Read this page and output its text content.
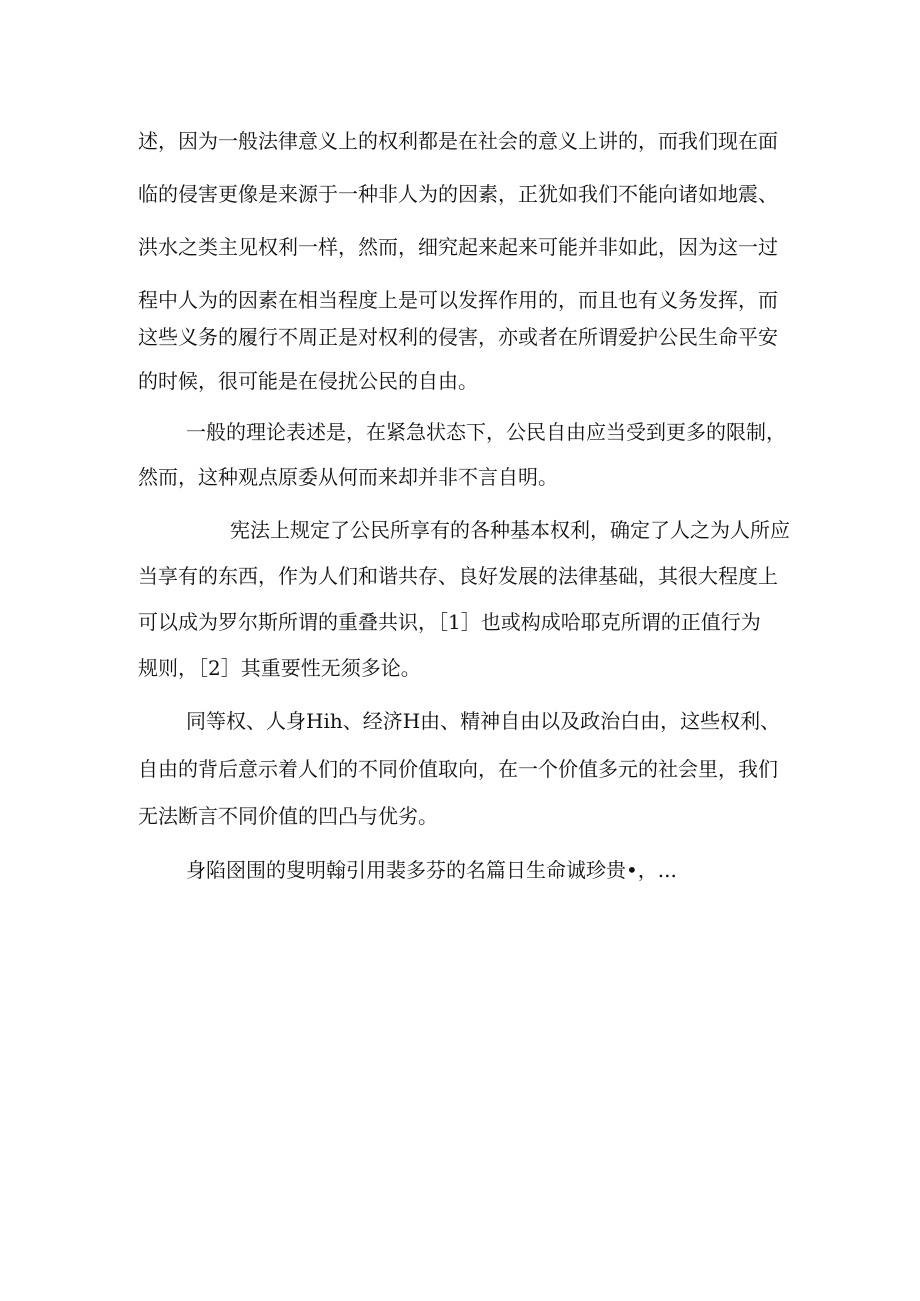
述，因为一般法律意义上的权利都是在社会的意义上讲的，而我们现在面

临的侵害更像是来源于一种非人为的因素，正犹如我们不能向诸如地震、

洪水之类主见权利一样，然而，细究起来起来可能并非如此，因为这一过

程中人为的因素在相当程度上是可以发挥作用的，而且也有义务发挥，而

这些义务的履行不周正是对权利的侵害，亦或者在所谓爱护公民生命平安

的时候，很可能是在侵扰公民的自由。

一般的理论表述是，在紧急状态下，公民自由应当受到更多的限制，

然而，这种观点原委从何而来却并非不言自明。

宪法上规定了公民所享有的各种基本权利，确定了人之为人所应

当享有的东西，作为人们和谐共存、良好发展的法律基础，其很大程度上

可以成为罗尔斯所谓的重叠共识，［1］也或构成哈耶克所谓的正值行为

规则，［2］其重要性无须多论。

同等权、人身Hih、经济H由、精神自由以及政治白由，这些权利、

自由的背后意示着人们的不同价值取向，在一个价值多元的社会里，我们

无法断言不同价值的凹凸与优劣。

身陷囹围的叟明翰引用裴多芬的名篇日生命诚珍贵•，...
